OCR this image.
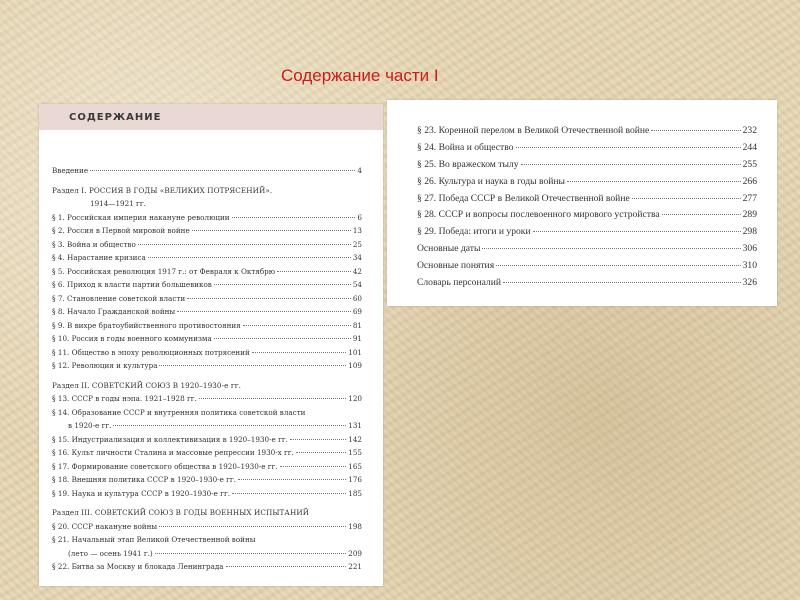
Содержание части I
СОДЕРЖАНИЕ
Введение	4
Раздел I. РОССИЯ В ГОДЫ «ВЕЛИКИХ ПОТРЯСЕНИЙ».
1914—1921 гг.
§ 1. Российская империя накануне революции	6
§ 2. Россия в Первой мировой войне	13
§ 3. Война и общество	25
§ 4. Нарастание кризиса	34
§ 5. Российская революция 1917 г.: от Февраля к Октябрю	42
§ 6. Приход к власти партии большевиков	54
§ 7. Становление советской власти	60
§ 8. Начало Гражданской войны	69
§ 9. В вихре братоубийственного противостояния	81
§ 10. Россия в годы военного коммунизма	91
§ 11. Общество в эпоху революционных потрясений	101
§ 12. Революция и культура	109
Раздел II. СОВЕТСКИЙ СОЮЗ В 1920–1930-е гг.
§ 13. СССР в годы нэпа. 1921–1928 гг.	120
§ 14. Образование СССР и внутренняя политика советской власти
в 1920-е гг.	131
§ 15. Индустриализация и коллективизация в 1920–1930-е гг.	142
§ 16. Культ личности Сталина и массовые репрессии 1930-х гг.	155
§ 17. Формирование советского общества в 1920–1930-е гг.	165
§ 18. Внешняя политика СССР в 1920–1930-е гг.	176
§ 19. Наука и культура СССР в 1920–1930-е гг.	185
Раздел III. СОВЕТСКИЙ СОЮЗ В ГОДЫ ВОЕННЫХ ИСПЫТАНИЙ
§ 20. СССР накануне войны	198
§ 21. Начальный этап Великой Отечественной войны
(лето — осень 1941 г.)	209
§ 22. Битва за Москву и блокада Ленинграда	221
§ 23. Коренной перелом в Великой Отечественной войне	232
§ 24. Война и общество	244
§ 25. Во вражеском тылу	255
§ 26. Культура и наука в годы войны	266
§ 27. Победа СССР в Великой Отечественной войне	277
§ 28. СССР и вопросы послевоенного мирового устройства	289
§ 29. Победа: итоги и уроки	298
Основные даты	306
Основные понятия	310
Словарь персоналий	326
